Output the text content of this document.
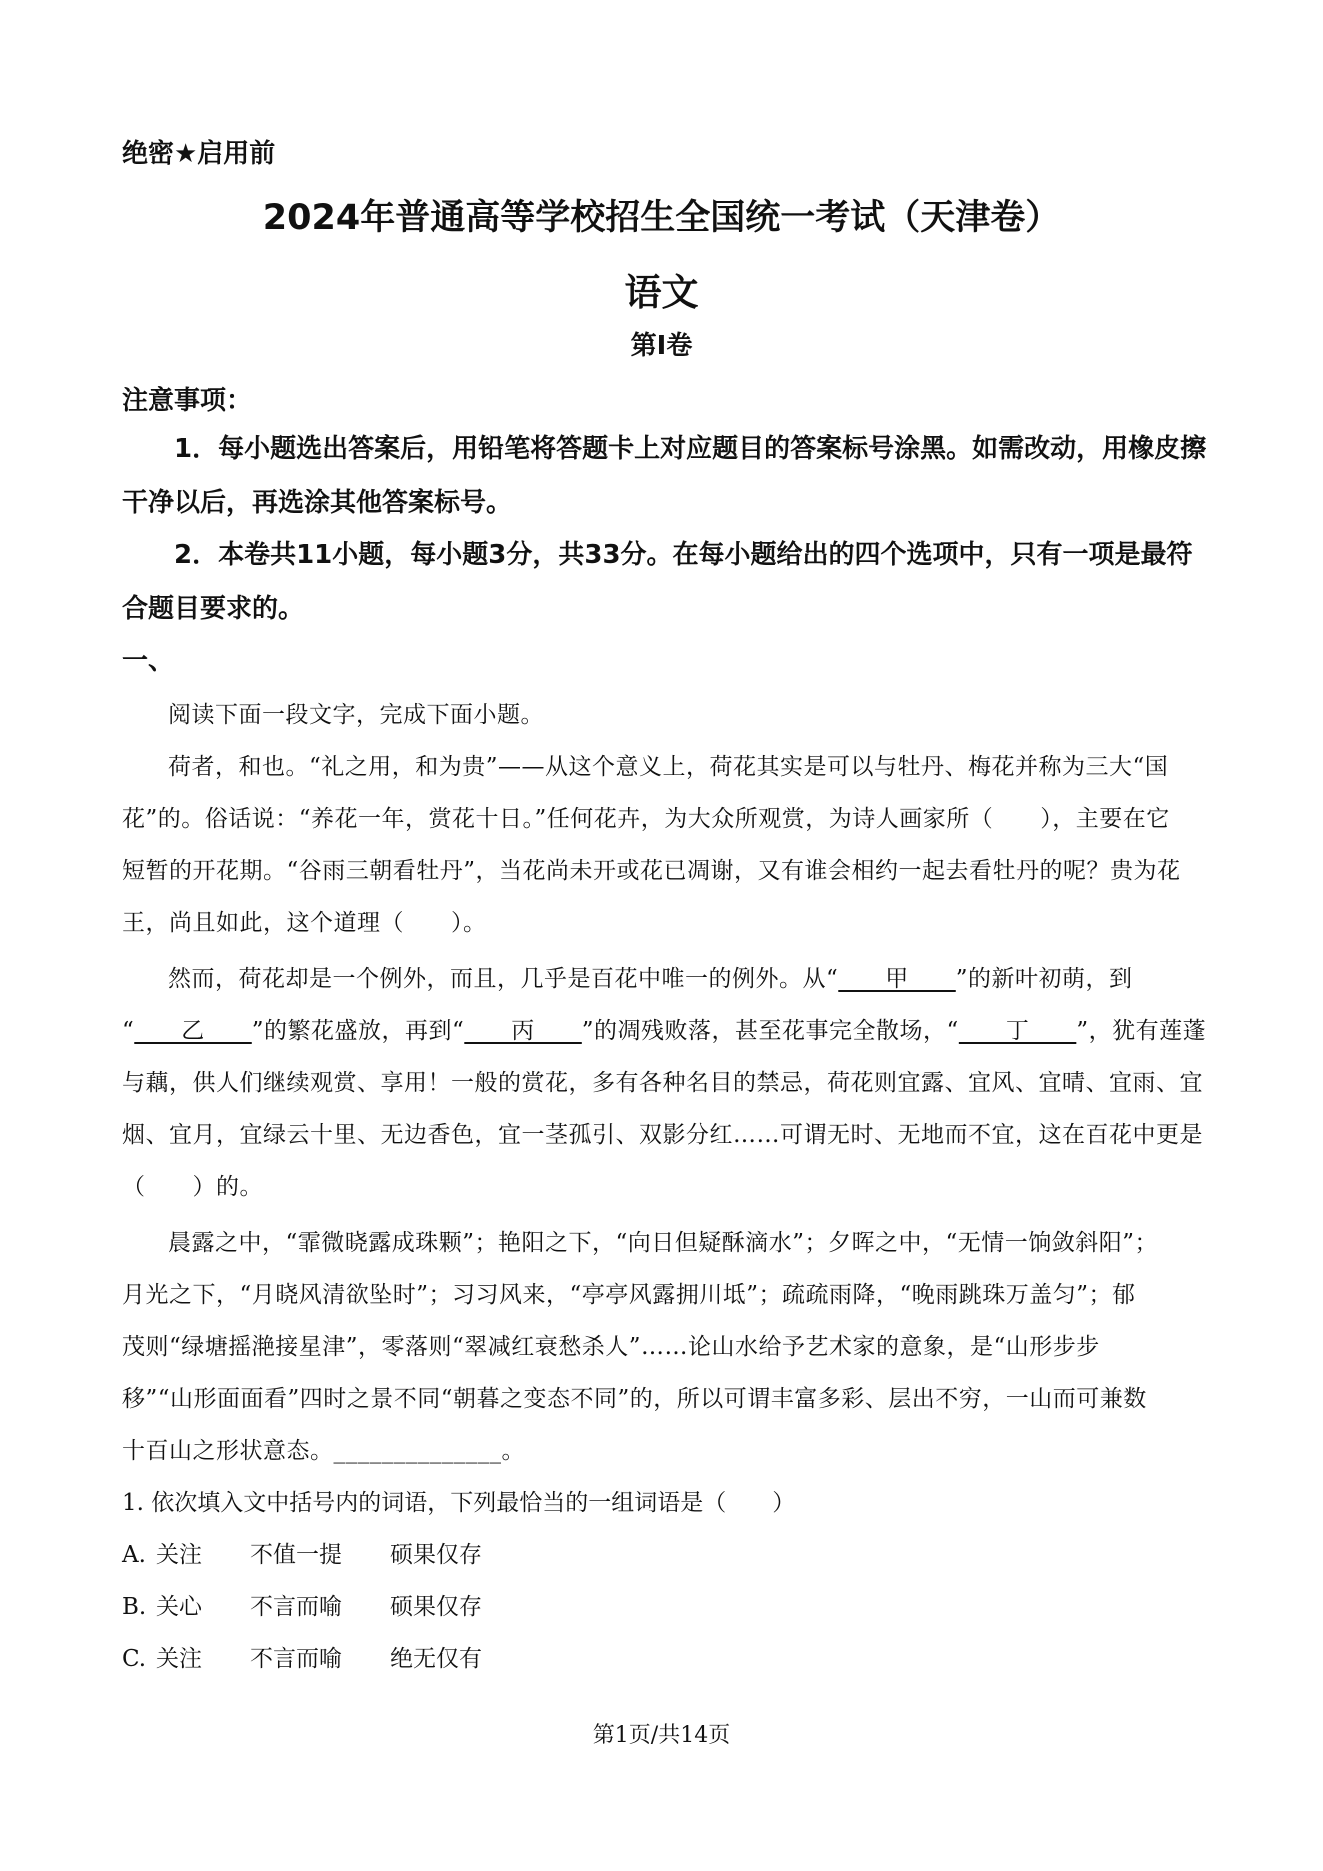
绝密★启用前
2024年普通高等学校招生全国统一考试（天津卷）
语文
第Ⅰ卷
注意事项：
1．每小题选出答案后，用铅笔将答题卡上对应题目的答案标号涂黑。如需改动，用橡皮擦干净以后，再选涂其他答案标号。
2．本卷共11小题，每小题3分，共33分。在每小题给出的四个选项中，只有一项是最符合题目要求的。
一、
阅读下面一段文字，完成下面小题。
荷者，和也。“礼之用，和为贵”——从这个意义上，荷花其实是可以与牡丹、梅花并称为三大“国
花”的。俗话说：“养花一年，赏花十日。”任何花卉，为大众所观赏，为诗人画家所（　　），主要在它
短暂的开花期。“谷雨三朝看牡丹”，当花尚未开或花已凋谢，又有谁会相约一起去看牡丹的呢？贵为花
王，尚且如此，这个道理（　　）。
然而，荷花却是一个例外，而且，几乎是百花中唯一的例外。从“　　甲　　”的新叶初萌，到
“　　乙　　”的繁花盛放，再到“　　丙　　”的凋残败落，甚至花事完全散场，“　　丁　　”，犹有莲蓬
与藕，供人们继续观赏、享用！一般的赏花，多有各种名目的禁忌，荷花则宜露、宜风、宜晴、宜雨、宜
烟、宜月，宜绿云十里、无边香色，宜一茎孤引、双影分红……可谓无时、无地而不宜，这在百花中更是
（　　）的。
晨露之中，“霏微晓露成珠颗”；艳阳之下，“向日但疑酥滴水”；夕晖之中，“无情一饷敛斜阳”；
月光之下，“月晓风清欲坠时”；习习风来，“亭亭风露拥川坻”；疏疏雨降，“晚雨跳珠万盖匀”；郁
茂则“绿塘摇滟接星津”，零落则“翠减红衰愁杀人”……论山水给予艺术家的意象，是“山形步步
移”“山形面面看”四时之景不同“朝暮之变态不同”的，所以可谓丰富多彩、层出不穷，一山而可兼数
十百山之形状意态。______________。
1. 依次填入文中括号内的词语，下列最恰当的一组词语是（　　）
A. 关注 不值一提 硕果仅存
B. 关心 不言而喻 硕果仅存
C. 关注 不言而喻 绝无仅有
第1页/共14页
